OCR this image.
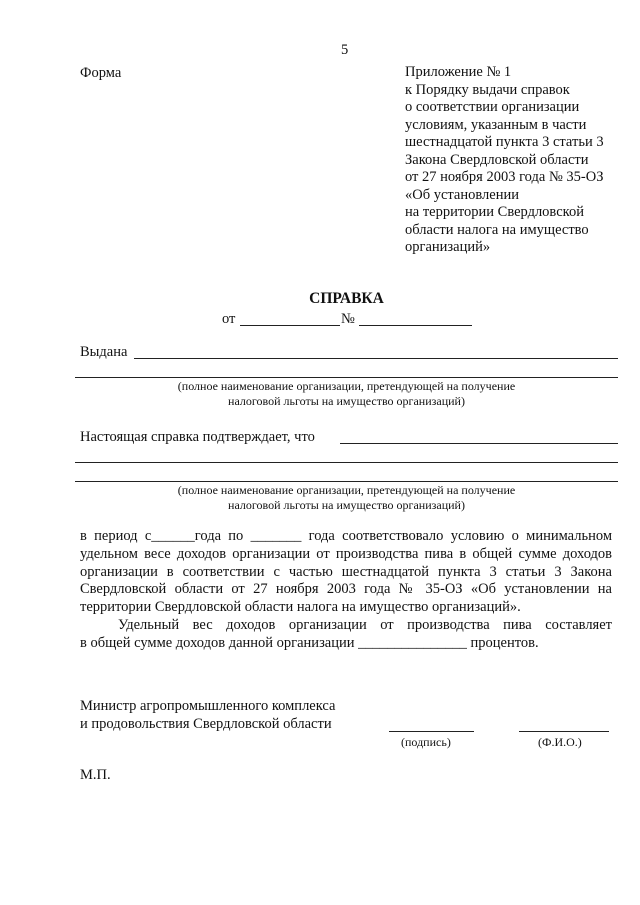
5
Форма	Приложение № 1
к Порядку выдачи справок
о соответствии организации
условиям, указанным в части
шестнадцатой пункта 3 статьи 3
Закона Свердловской области
от 27 ноября 2003 года № 35-ОЗ
«Об установлении
на территории Свердловской
области налога на имущество
организаций»
СПРАВКА
от	№
Выдана
(полное наименование организации, претендующей на получение
налоговой льготы на имущество организаций)
Настоящая справка подтверждает, что
(полное наименование организации, претендующей на получение
налоговой льготы на имущество организаций)
в период с______года по _______ года соответствовало условию о минимальном
удельном весе доходов организации от производства пива в общей сумме доходов
организации в соответствии с частью шестнадцатой пункта 3 статьи 3 Закона
Свердловской области от 27 ноября 2003 года № 35-ОЗ «Об установлении на
территории Свердловской области налога на имущество организаций».
Удельный вес доходов организации от производства пива составляет
в общей сумме доходов данной организации _______________ процентов.
Министр агропромышленного комплекса
и продовольствия Свердловской области
(подпись)	(Ф.И.О.)
М.П.
